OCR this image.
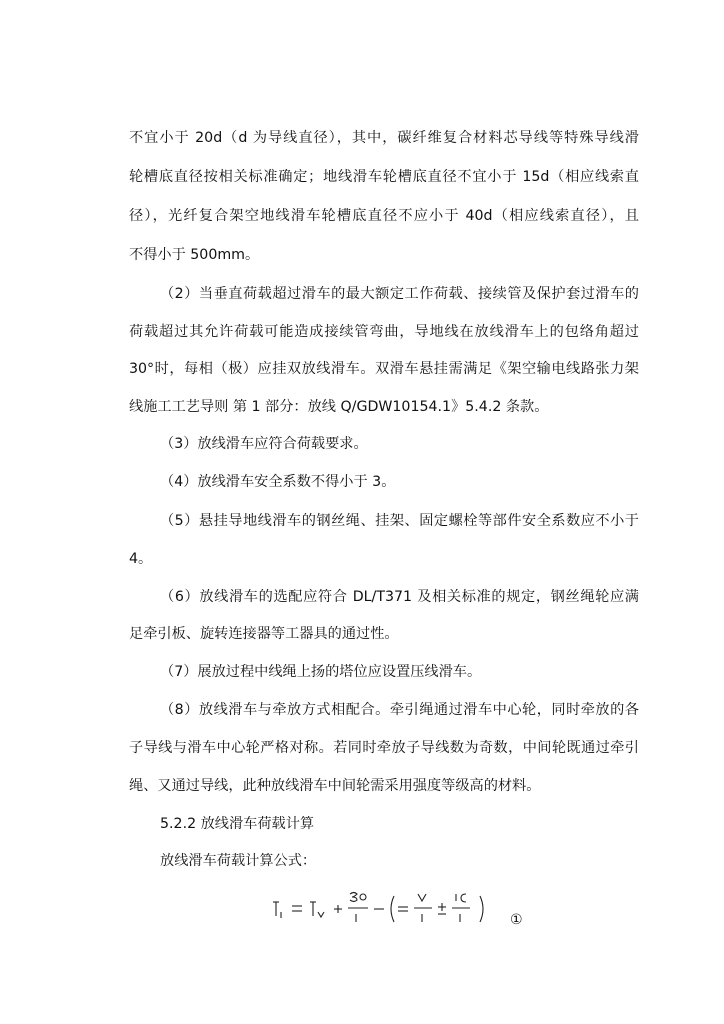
不宜小于 20d（d 为导线直径），其中，碳纤维复合材料芯导线等特殊导线滑
轮槽底直径按相关标准确定；地线滑车轮槽底直径不宜小于 15d（相应线索直
径），光纤复合架空地线滑车轮槽底直径不应小于 40d（相应线索直径），且
不得小于 500mm。
（2）当垂直荷载超过滑车的最大额定工作荷载、接续管及保护套过滑车的
荷载超过其允许荷载可能造成接续管弯曲，导地线在放线滑车上的包络角超过
30°时，每相（极）应挂双放线滑车。双滑车悬挂需满足《架空输电线路张力架
线施工工艺导则 第 1 部分：放线 Q/GDW10154.1》5.4.2 条款。
（3）放线滑车应符合荷载要求。
（4）放线滑车安全系数不得小于 3。
（5）悬挂导地线滑车的钢丝绳、挂架、固定螺栓等部件安全系数应不小于
4。
（6）放线滑车的选配应符合 DL/T371 及相关标准的规定，钢丝绳轮应满
足牵引板、旋转连接器等工器具的通过性。
（7）展放过程中线绳上扬的塔位应设置压线滑车。
（8）放线滑车与牵放方式相配合。牵引绳通过滑车中心轮，同时牵放的各
子导线与滑车中心轮严格对称。若同时牵放子导线数为奇数，中间轮既通过牵引
绳、又通过导线，此种放线滑车中间轮需采用强度等级高的材料。
5.2.2 放线滑车荷载计算
放线滑车荷载计算公式：
①
